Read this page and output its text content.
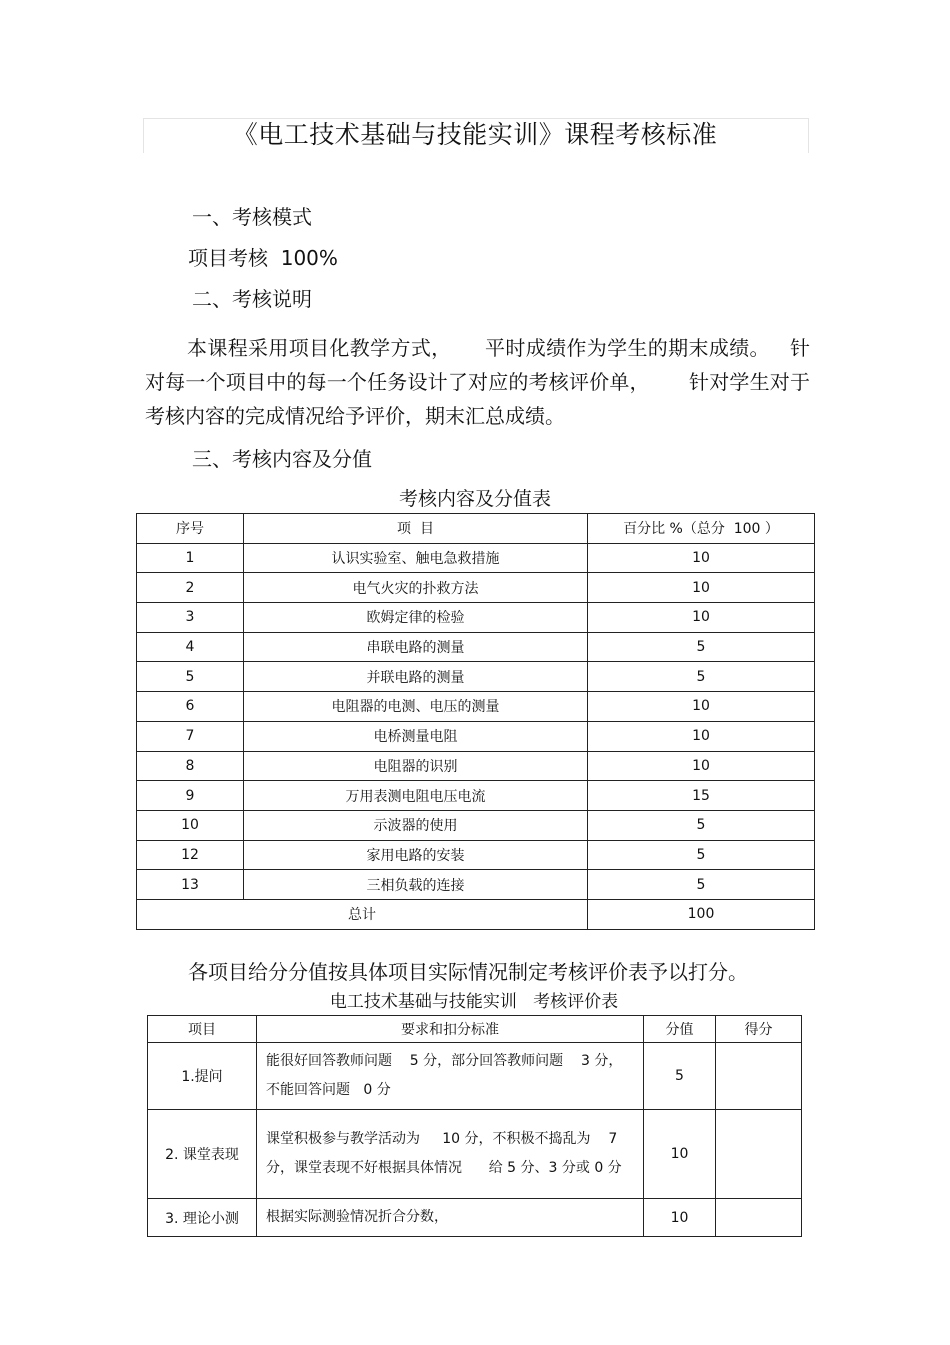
《电工技术基础与技能实训》课程考核标准
一、考核模式
项目考核  100%
二、考核说明
本课程采用项目化教学方式，     平时成绩作为学生的期末成绩。   针对每一个项目中的每一个任务设计了对应的考核评价单，      针对学生对于考核内容的完成情况给予评价，期末汇总成绩。
三、考核内容及分值
考核内容及分值表
序号	项  目	百分比 %（总分  100 ）
1	认识实验室、触电急救措施	10
2	电气火灾的扑救方法	10
3	欧姆定律的检验	10
4	串联电路的测量	5
5	并联电路的测量	5
6	电阻器的电测、电压的测量	10
7	电桥测量电阻	10
8	电阻器的识别	10
9	万用表测电阻电压电流	15
10	示波器的使用	5
12	家用电路的安装	5
13	三相负载的连接	5
总计		100
各项目给分分值按具体项目实际情况制定考核评价表予以打分。
电工技术基础与技能实训   考核评价表
项目	要求和扣分标准	分值	得分
1.提问	能很好回答教师问题    5 分，部分回答教师问题    3 分，不能回答问题   0 分	5	
2. 课堂表现	课堂积极参与教学活动为     10 分，不积极不捣乱为    7 分，课堂表现不好根据具体情况      给 5 分、3 分或 0 分	10	
3. 理论小测	根据实际测验情况折合分数，	10	
